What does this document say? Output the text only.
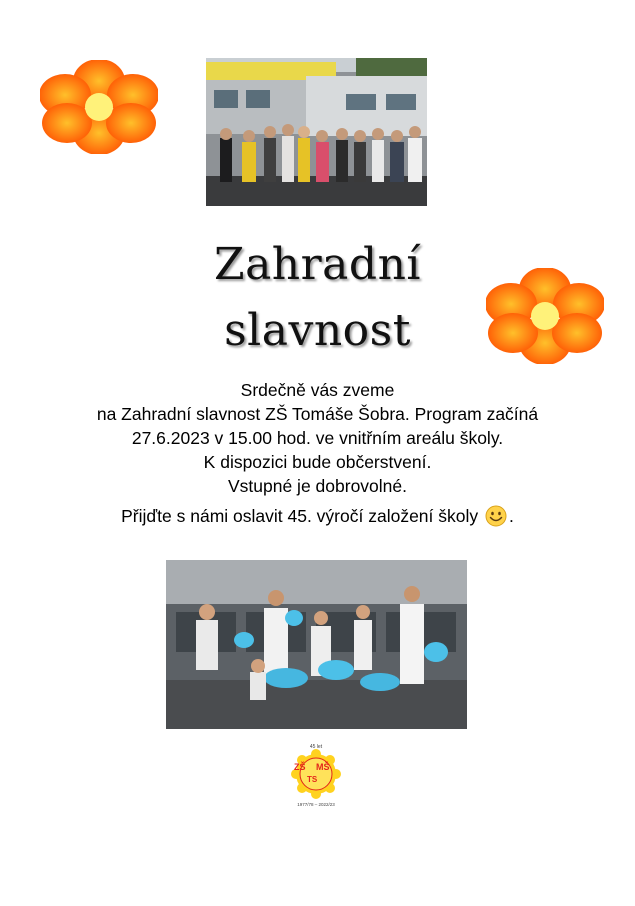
Zahradní
slavnost
Srdečně vás zveme
na Zahradní slavnost ZŠ Tomáše Šobra. Program začíná
27.6.2023 v 15.00 hod. ve vnitřním areálu školy.
K dispozici bude občerstvení.
Vstupné je dobrovolné.
Přijďte s námi oslavit 45. výročí založení školy .
45 let
ZŠ MŠ
TS
1977/78 – 2022/23
